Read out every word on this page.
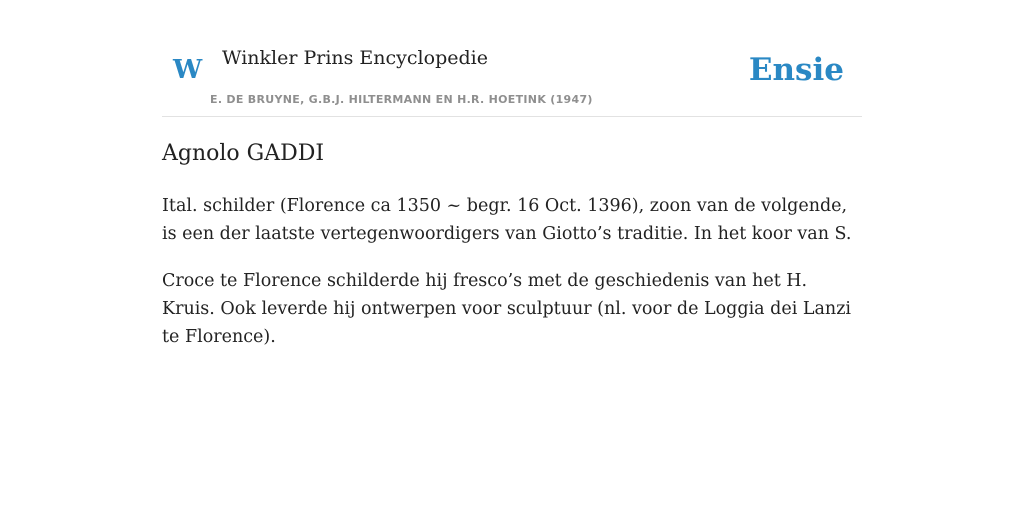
W Winkler Prins Encyclopedie
E. DE BRUYNE, G.B.J. HILTERMANN EN H.R. HOETINK (1947)
Ensie
Agnolo GADDI

Ital. schilder (Florence ca 1350 ~ begr. 16 Oct. 1396), zoon van de volgende, is een der laatste vertegenwoordigers van Giotto’s traditie. In het koor van S.

Croce te Florence schilderde hij fresco’s met de geschiedenis van het H. Kruis. Ook leverde hij ontwerpen voor sculptuur (nl. voor de Loggia dei Lanzi te Florence).
